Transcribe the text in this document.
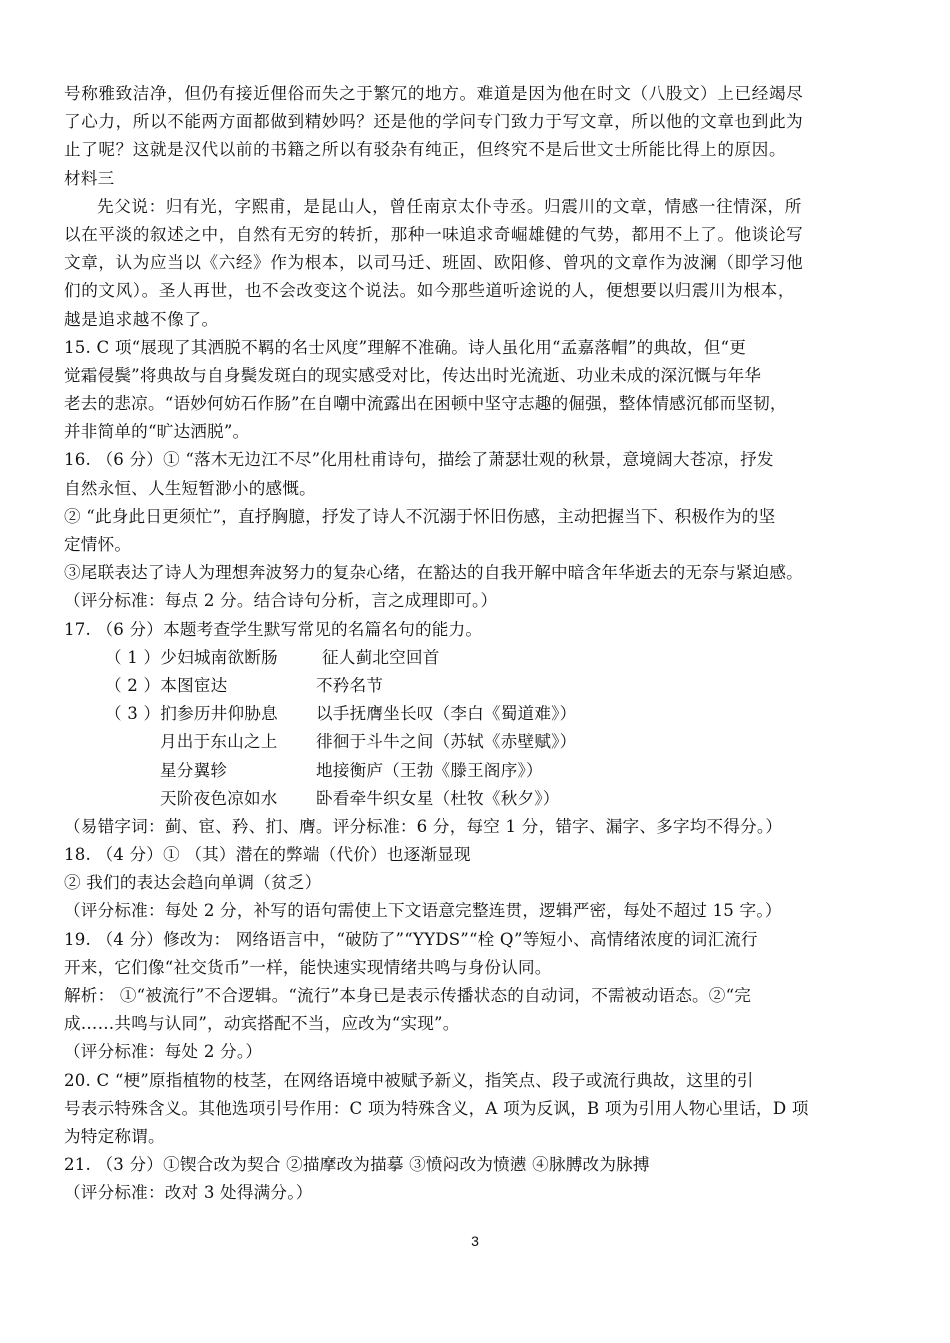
号称雅致洁净，但仍有接近俚俗而失之于繁冗的地方。难道是因为他在时文（八股文）上已经竭尽
了心力，所以不能两方面都做到精妙吗？还是他的学问专门致力于写文章，所以他的文章也到此为
止了呢？这就是汉代以前的书籍之所以有驳杂有纯正，但终究不是后世文士所能比得上的原因。
材料三
先父说：归有光，字熙甫，是昆山人，曾任南京太仆寺丞。归震川的文章，情感一往情深，所
以在平淡的叙述之中，自然有无穷的转折，那种一味追求奇崛雄健的气势，都用不上了。他谈论写
文章，认为应当以《六经》作为根本，以司马迁、班固、欧阳修、曾巩的文章作为波澜（即学习他
们的文风）。圣人再世，也不会改变这个说法。如今那些道听途说的人，便想要以归震川为根本，
越是追求越不像了。
15. C 项“展现了其洒脱不羁的名士风度”理解不准确。诗人虽化用“孟嘉落帽”的典故，但“更
觉霜侵鬓”将典故与自身鬓发斑白的现实感受对比，传达出时光流逝、功业未成的深沉慨与年华
老去的悲凉。“语妙何妨石作肠”在自嘲中流露出在困顿中坚守志趣的倔强，整体情感沉郁而坚韧，
并非简单的“旷达洒脱”。
16. （6 分）① “落木无边江不尽”化用杜甫诗句，描绘了萧瑟壮观的秋景，意境阔大苍凉，抒发
自然永恒、人生短暂渺小的感慨。
② “此身此日更须忙”，直抒胸臆，抒发了诗人不沉溺于怀旧伤感，主动把握当下、积极作为的坚
定情怀。
③尾联表达了诗人为理想奔波努力的复杂心绪，在豁达的自我开解中暗含年华逝去的无奈与紧迫感。
（评分标准：每点 2 分。结合诗句分析，言之成理即可。）
17. （6 分）本题考查学生默写常见的名篇名句的能力。
（ 1 ）少妇城南欲断肠	征人蓟北空回首
（ 2 ）本图宦达	不矜名节
（ 3 ）扪参历井仰胁息	以手抚膺坐长叹（李白《蜀道难》）
月出于东山之上	徘徊于斗牛之间（苏轼《赤壁赋》）
星分翼轸	地接衡庐（王勃《滕王阁序》）
天阶夜色凉如水	卧看牵牛织女星（杜牧《秋夕》）
（易错字词：蓟、宦、矜、扪、膺。评分标准：6 分，每空 1 分，错字、漏字、多字均不得分。）
18. （4 分）① （其）潜在的弊端（代价）也逐渐显现
② 我们的表达会趋向单调（贫乏）
（评分标准：每处 2 分，补写的语句需使上下文语意完整连贯，逻辑严密，每处不超过 15 字。）
19. （4 分）修改为： 网络语言中，“破防了”“YYDS”“栓 Q”等短小、高情绪浓度的词汇流行
开来，它们像“社交货币”一样，能快速实现情绪共鸣与身份认同。
解析： ①“被流行”不合逻辑。“流行”本身已是表示传播状态的自动词，不需被动语态。②“完
成……共鸣与认同”，动宾搭配不当，应改为“实现”。
（评分标准：每处 2 分。）
20. C “梗”原指植物的枝茎，在网络语境中被赋予新义，指笑点、段子或流行典故，这里的引
号表示特殊含义。其他选项引号作用：C 项为特殊含义，A 项为反讽，B 项为引用人物心里话，D 项
为特定称谓。
21. （3 分）①锲合改为契合 ②描摩改为描摹 ③愤闷改为愤懑 ④脉膊改为脉搏
（评分标准：改对 3 处得满分。）
3
